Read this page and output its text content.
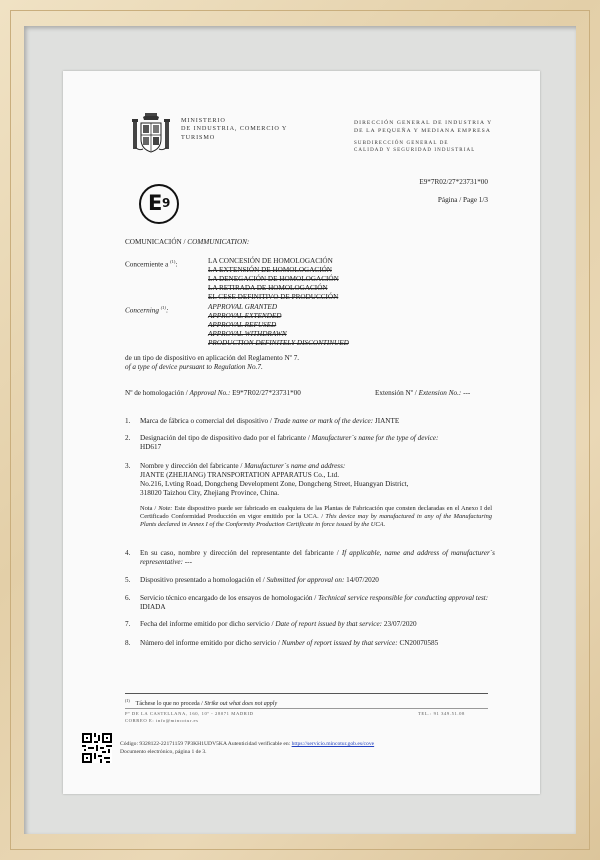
MINISTERIO
DE INDUSTRIA, COMERCIO Y
TURISMO
DIRECCIÓN GENERAL DE INDUSTRIA Y
DE LA PEQUEÑA Y MEDIANA EMPRESA
SUBDIRECCIÓN GENERAL DE
CALIDAD Y SEGURIDAD INDUSTRIAL
E9*7R02/27*23731*00
Página / Page 1/3
E 9
COMUNICACIÓN / COMMUNICATION:
Concerniente a $^{(1)}$:	LA CONCESIÓN DE HOMOLOGACIÓN
LA EXTENSIÓN DE HOMOLOGACIÓN
LA DENEGACIÓN DE HOMOLOGACIÓN
LA RETIRADA DE HOMOLOGACIÓN
EL CESE DEFINITIVO DE PRODUCCIÓN
Concerning $^{(1)}$:	APPROVAL GRANTED
APPROVAL EXTENDED
APPROVAL REFUSED
APPROVAL WITHDRAWN
PRODUCTION DEFINITELY DISCONTINUED
de un tipo de dispositivo en aplicación del Reglamento Nº 7.
of a type of device pursuant to Regulation No.7.
Nº de homologación / Approval No.: E9*7R02/27*23731*00	Extensión Nº / Extension No.: ---
1. Marca de fábrica o comercial del dispositivo / Trade name or mark of the device: JIANTE
2. Designación del tipo de dispositivo dado por el fabricante / Manufacturer´s name for the type of device:
HD617
3. Nombre y dirección del fabricante / Manufacturer´s name and address:
JIANTE (ZHEJIANG) TRANSPORTATION APPARATUS Co., Ltd.
No.216, Lvting Road, Dongcheng Development Zone, Dongcheng Street, Huangyan District,
318020 Taizhou City, Zhejiang Province, China.
Nota / Note: Este dispositivo puede ser fabricado en cualquiera de las Plantas de Fabricación que consten declaradas en el Anexo I del Certificado Conformidad Producción en vigor emitido por la UCA. / This device may by manufactured in any of the Manufacturing Plants declared in Annex I of the Conformity Production Certificate in force issued by the UCA.
4. En su caso, nombre y dirección del representante del fabricante / If applicable, name and address of manufacturer´s representative: ---
5. Dispositivo presentado a homologación el / Submitted for approval on: 14/07/2020
6. Servicio técnico encargado de los ensayos de homologación / Technical service responsible for conducting approval test: IDIADA
7. Fecha del informe emitido por dicho servicio / Date of report issued by that service: 23/07/2020
8. Número del informe emitido por dicho servicio / Number of report issued by that service: CN20070585
$^{(1)}$    Táchese lo que no proceda / Strike out what does not apply
Pº DE LA CASTELLANA, 160, 10º - 28071 MADRID
CORREO E: info@mincotur.es
TEL.: 91 349.51.08
Código: 9328122-22171159 7P3KH1UDV5KA Autenticidad verificable en: https://servicio.mincotur.gob.es/cove
Documento electrónico, página 1 de 3.
